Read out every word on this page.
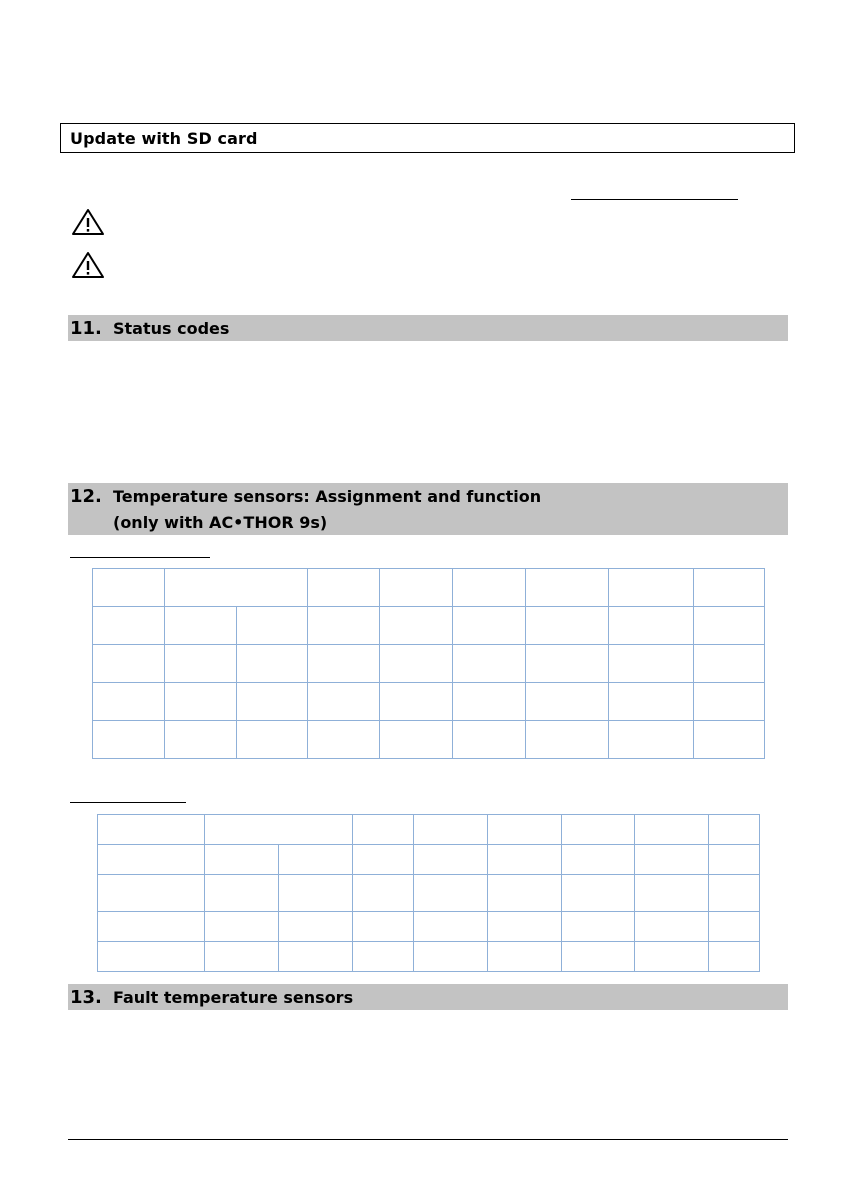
Update with SD card
11. Status codes
12. Temperature sensors: Assignment and function
(only with AC•THOR 9s)

13. Fault temperature sensors
